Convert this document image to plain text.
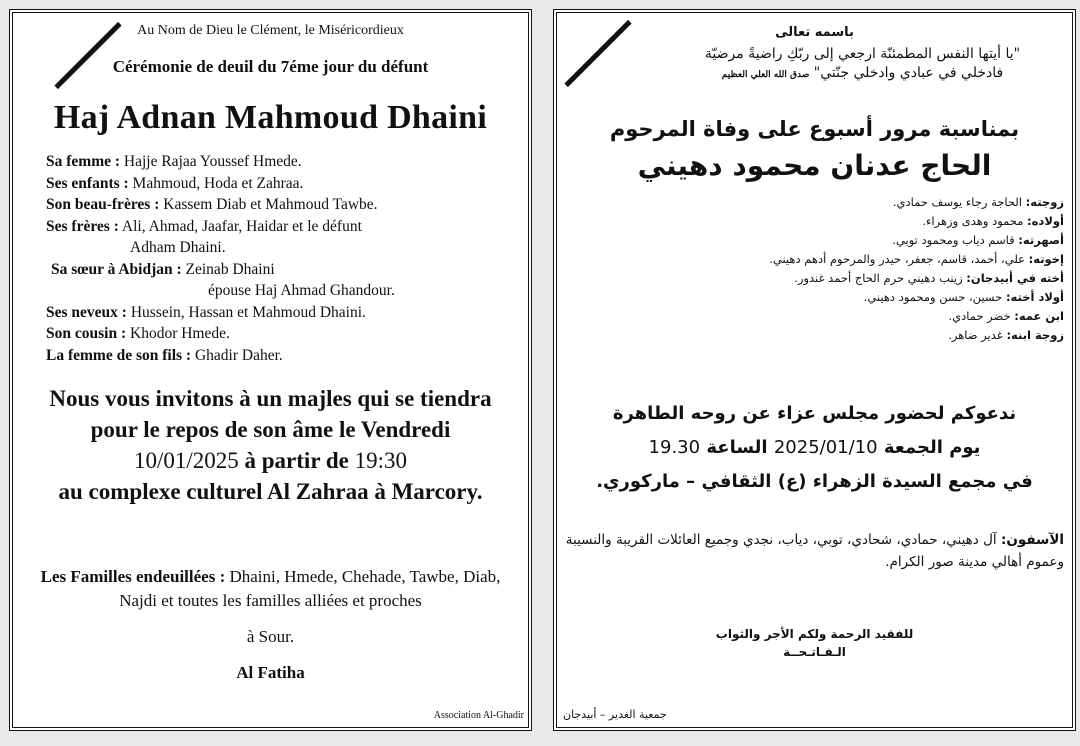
Au Nom de Dieu le Clément, le Miséricordieux
Cérémonie de deuil du 7éme jour du défunt
Haj Adnan Mahmoud Dhaini
Sa femme : Hajje Rajaa Youssef Hmede.
Ses enfants : Mahmoud, Hoda et Zahraa.
Son beau-frères : Kassem Diab et Mahmoud Tawbe.
Ses frères : Ali, Ahmad, Jaafar, Haidar et le défunt
Adham Dhaini.
Sa sœur à Abidjan : Zeinab Dhaini
épouse Haj Ahmad Ghandour.
Ses neveux : Hussein, Hassan et Mahmoud Dhaini.
Son cousin : Khodor Hmede.
La femme de son fils : Ghadir Daher.
Nous vous invitons à un majles qui se tiendra
pour le repos de son âme le Vendredi
10/01/2025 à partir de 19:30
au complexe culturel Al Zahraa à Marcory.
Les Familles endeuillées : Dhaini, Hmede, Chehade, Tawbe, Diab, Najdi et toutes les familles alliées et proches
à Sour.
Al Fatiha
Association Al-Ghadir
باسمه تعالى
"يا أيتها النفس المطمئنّة ارجعي إلى ربّكِ راضيةً مرضيّة
فادخلي في عبادي وادخلي جنّتي" صدق الله العلي العظيم
بمناسبة مرور أسبوع على وفاة المرحوم
الحاج عدنان محمود دهيني
زوجته: الحاجة رجاء يوسف حمادي.
أولاده: محمود وهدى وزهراء.
أصهرته: قاسم دياب ومحمود توبي.
إخوته: علي، أحمد، قاسم، جعفر، حيدر والمرحوم أدهم دهيني.
أخته في أبيدجان: زينب دهيني حرم الحاج أحمد غندور.
أولاد أخته: حسين، حسن ومحمود دهيني.
ابن عمه: خضر حمادي.
زوجة ابنه: غدير ضاهر.
ندعوكم لحضور مجلس عزاء عن روحه الطاهرة
يوم الجمعة 2025/01/10 الساعة 19.30
في مجمع السيدة الزهراء (ع) الثقافي – ماركوري.
الآسفون: آل دهيني، حمادي، شحادي، توبي، دياب، نجدي وجميع العائلات القريبة والنسيبة وعموم أهالي مدينة صور الكرام.
للفقيد الرحمة ولكم الأجر والثواب
الـفـاتـحــة
جمعية الغدير – أبيدجان
